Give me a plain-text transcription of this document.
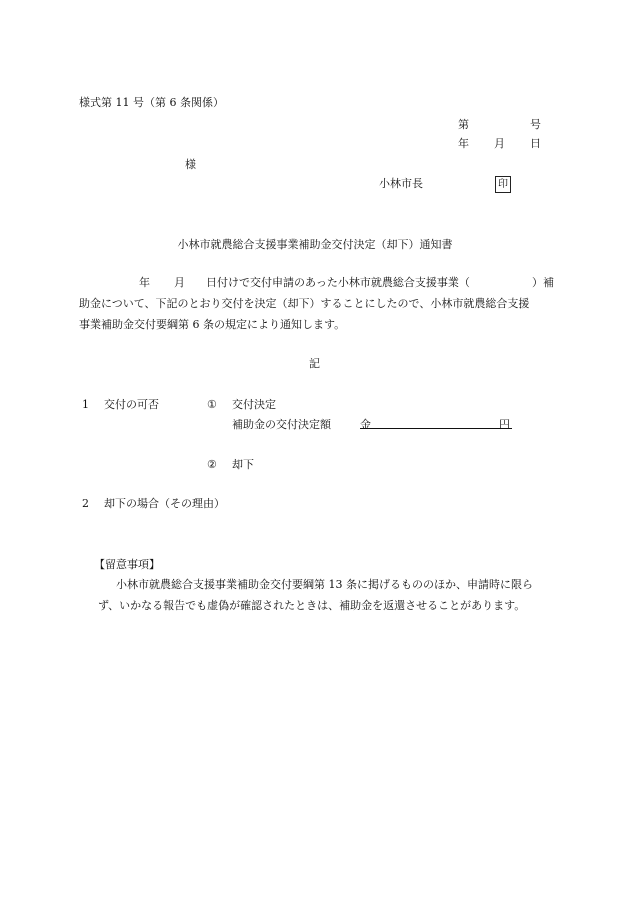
様式第 11 号（第 6 条関係）
第	号
年 月 日
様
小林市長	印
小林市就農総合支援事業補助金交付決定（却下）通知書
年 月 日付けで交付申請のあった小林市就農総合支援事業（	）補
助金について、下記のとおり交付を決定（却下）することにしたので、小林市就農総合支援
事業補助金交付要綱第 6 条の規定により通知します。
記
1 交付の可否	① 交付決定
補助金の交付決定額	金	円
② 却下
2 却下の場合（その理由）
【留意事項】
小林市就農総合支援事業補助金交付要綱第 13 条に掲げるもののほか、申請時に限ら
ず、いかなる報告でも虚偽が確認されたときは、補助金を返還させることがあります。
